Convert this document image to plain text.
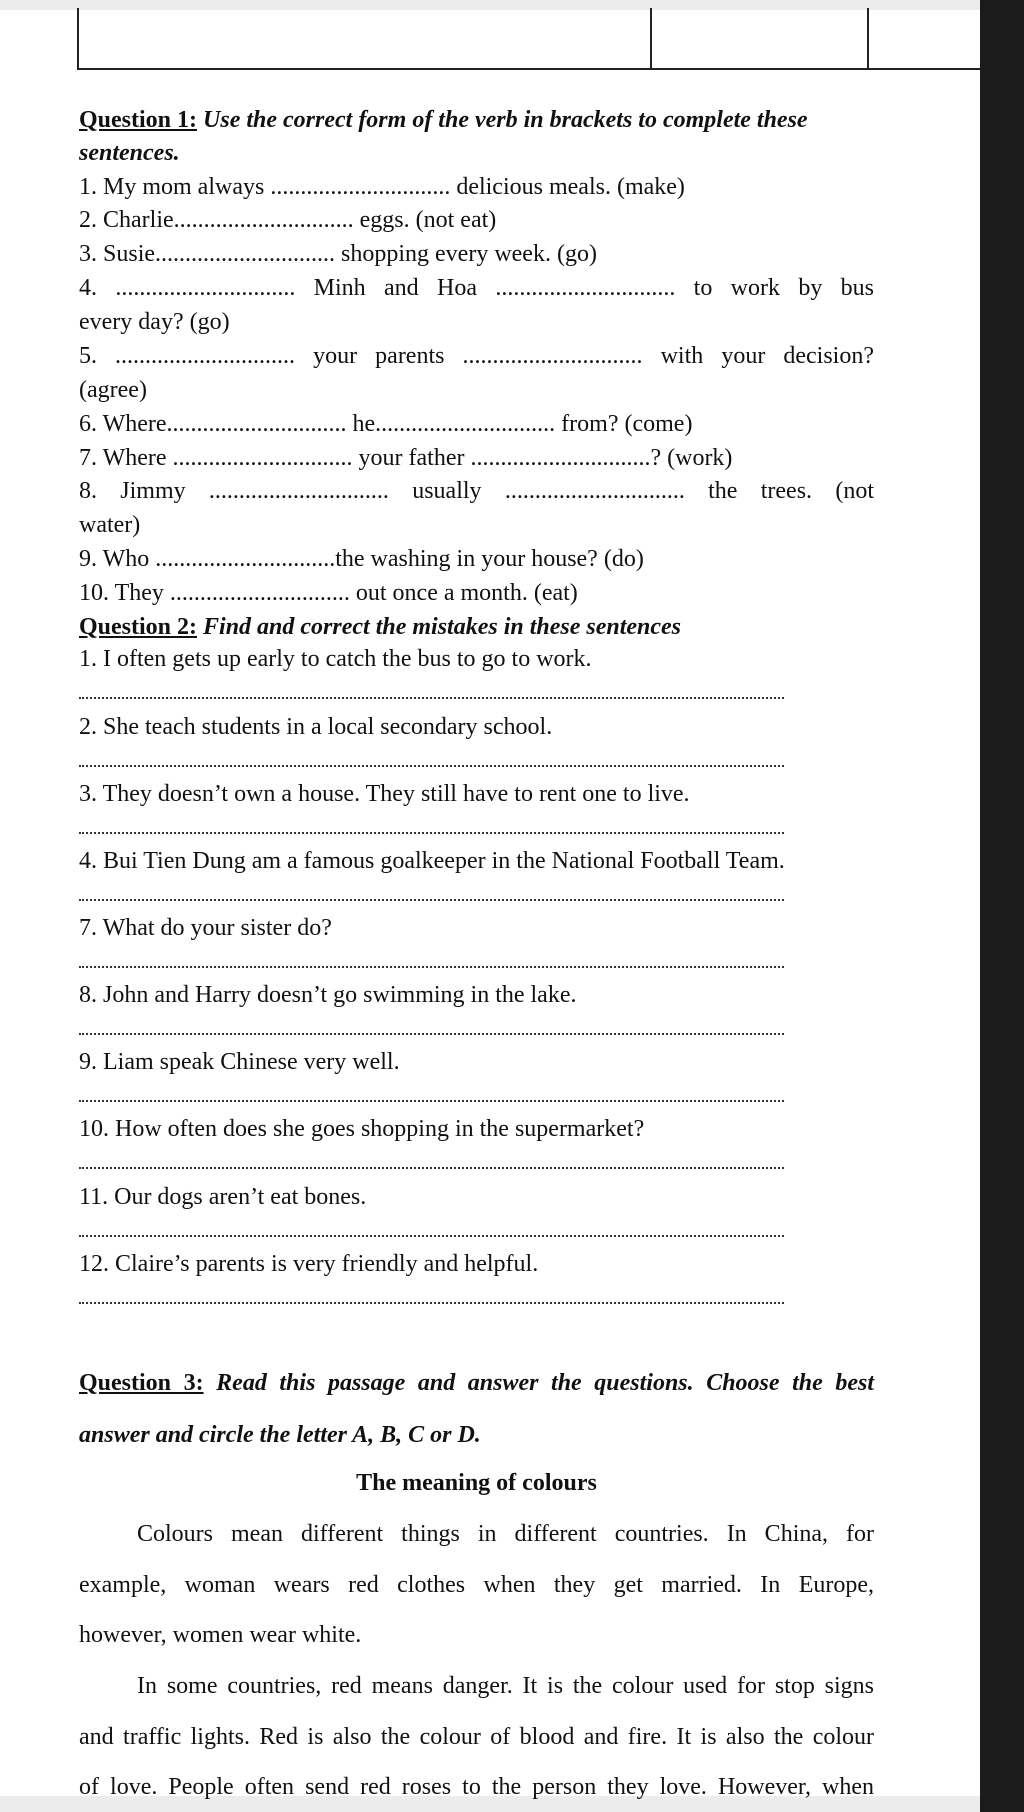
Question 1: Use the correct form of the verb in brackets to complete these
sentences.
1. My mom always .............................. delicious meals. (make)
2. Charlie.............................. eggs. (not eat)
3. Susie.............................. shopping every week. (go)
4. .............................. Minh and Hoa .............................. to work by bus
every day? (go)
5. .............................. your parents .............................. with your decision?
(agree)
6. Where.............................. he.............................. from? (come)
7. Where .............................. your father ..............................? (work)
8. Jimmy .............................. usually .............................. the trees. (not
water)
9. Who ..............................the washing in your house? (do)
10. They .............................. out once a month. (eat)
Question 2: Find and correct the mistakes in these sentences
1. I often gets up early to catch the bus to go to work.
2. She teach students in a local secondary school.
3. They doesn’t own a house. They still have to rent one to live.
4. Bui Tien Dung am a famous goalkeeper in the National Football Team.
7. What do your sister do?
8. John and Harry doesn’t go swimming in the lake.
9. Liam speak Chinese very well.
10. How often does she goes shopping in the supermarket?
11. Our dogs aren’t eat bones.
12. Claire’s parents is very friendly and helpful.
Question 3: Read this passage and answer the questions. Choose the best
answer and circle the letter A, B, C or D.
The meaning of colours
Colours mean different things in different countries. In China, for
example, woman wears red clothes when they get married. In Europe,
however, women wear white.
In some countries, red means danger. It is the colour used for stop signs
and traffic lights. Red is also the colour of blood and fire. It is also the colour
of love. People often send red roses to the person they love. However, when
